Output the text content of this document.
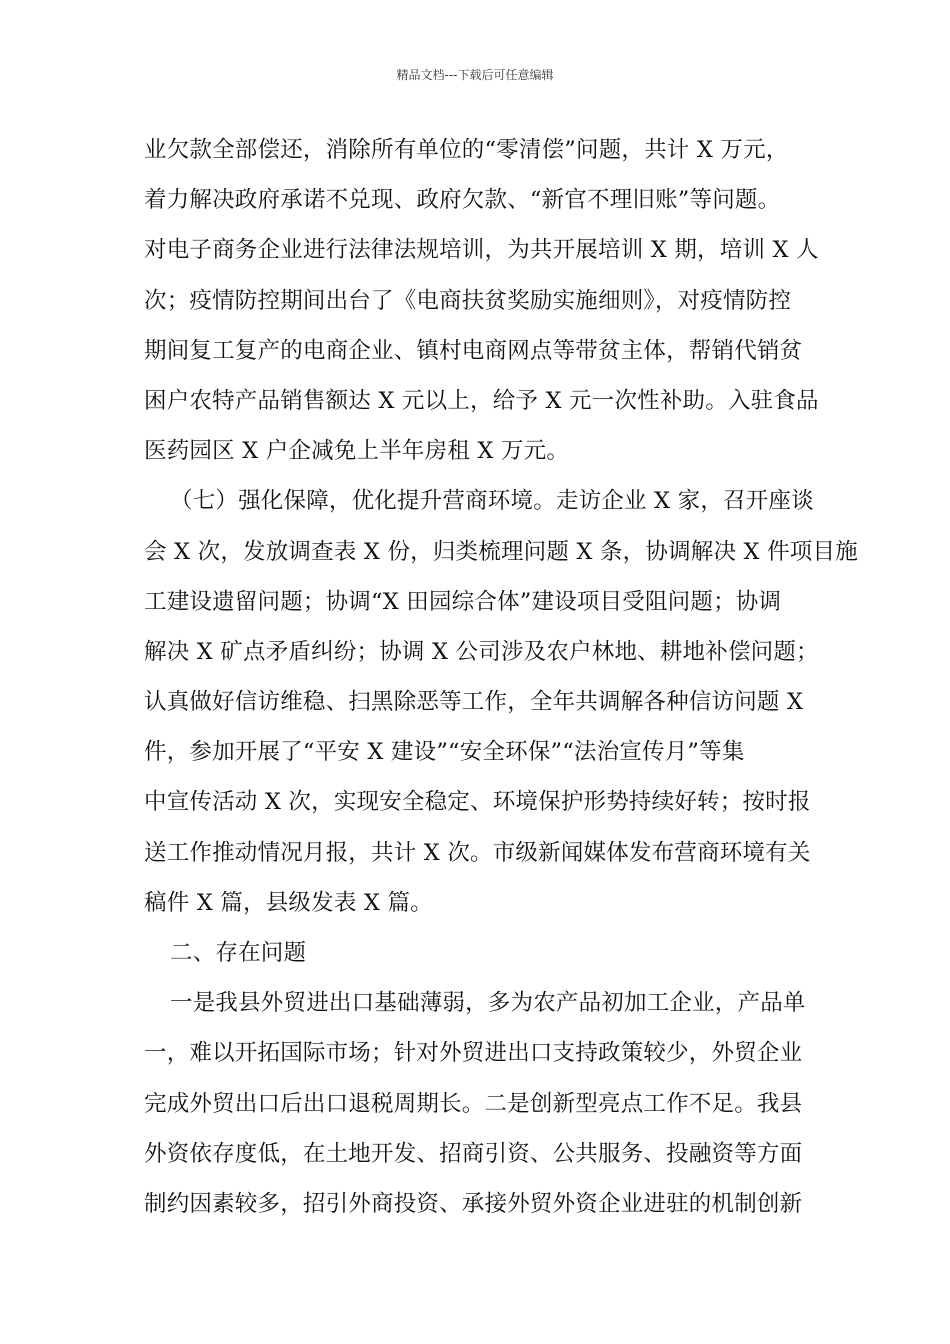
精品文档---下载后可任意编辑
业欠款全部偿还，消除所有单位的“零清偿”问题，共计 X 万元，
着力解决政府承诺不兑现、政府欠款、“新官不理旧账”等问题。
对电子商务企业进行法律法规培训，为共开展培训 X 期，培训 X 人
次；疫情防控期间出台了《电商扶贫奖励实施细则》，对疫情防控
期间复工复产的电商企业、镇村电商网点等带贫主体，帮销代销贫
困户农特产品销售额达 X 元以上，给予 X 元一次性补助。入驻食品
医药园区 X 户企减免上半年房租 X 万元。
（七）强化保障，优化提升营商环境。走访企业 X 家，召开座谈
会 X 次，发放调查表 X 份，归类梳理问题 X 条，协调解决 X 件项目施
工建设遗留问题；协调“X 田园综合体”建设项目受阻问题；协调
解决 X 矿点矛盾纠纷；协调 X 公司涉及农户林地、耕地补偿问题；
认真做好信访维稳、扫黑除恶等工作，全年共调解各种信访问题 X
件，参加开展了“平安 X 建设”“安全环保”“法治宣传月”等集
中宣传活动 X 次，实现安全稳定、环境保护形势持续好转；按时报
送工作推动情况月报，共计 X 次。市级新闻媒体发布营商环境有关
稿件 X 篇，县级发表 X 篇。
二、存在问题
一是我县外贸进出口基础薄弱，多为农产品初加工企业，产品单
一，难以开拓国际市场；针对外贸进出口支持政策较少，外贸企业
完成外贸出口后出口退税周期长。二是创新型亮点工作不足。我县
外资依存度低，在土地开发、招商引资、公共服务、投融资等方面
制约因素较多，招引外商投资、承接外贸外资企业进驻的机制创新
